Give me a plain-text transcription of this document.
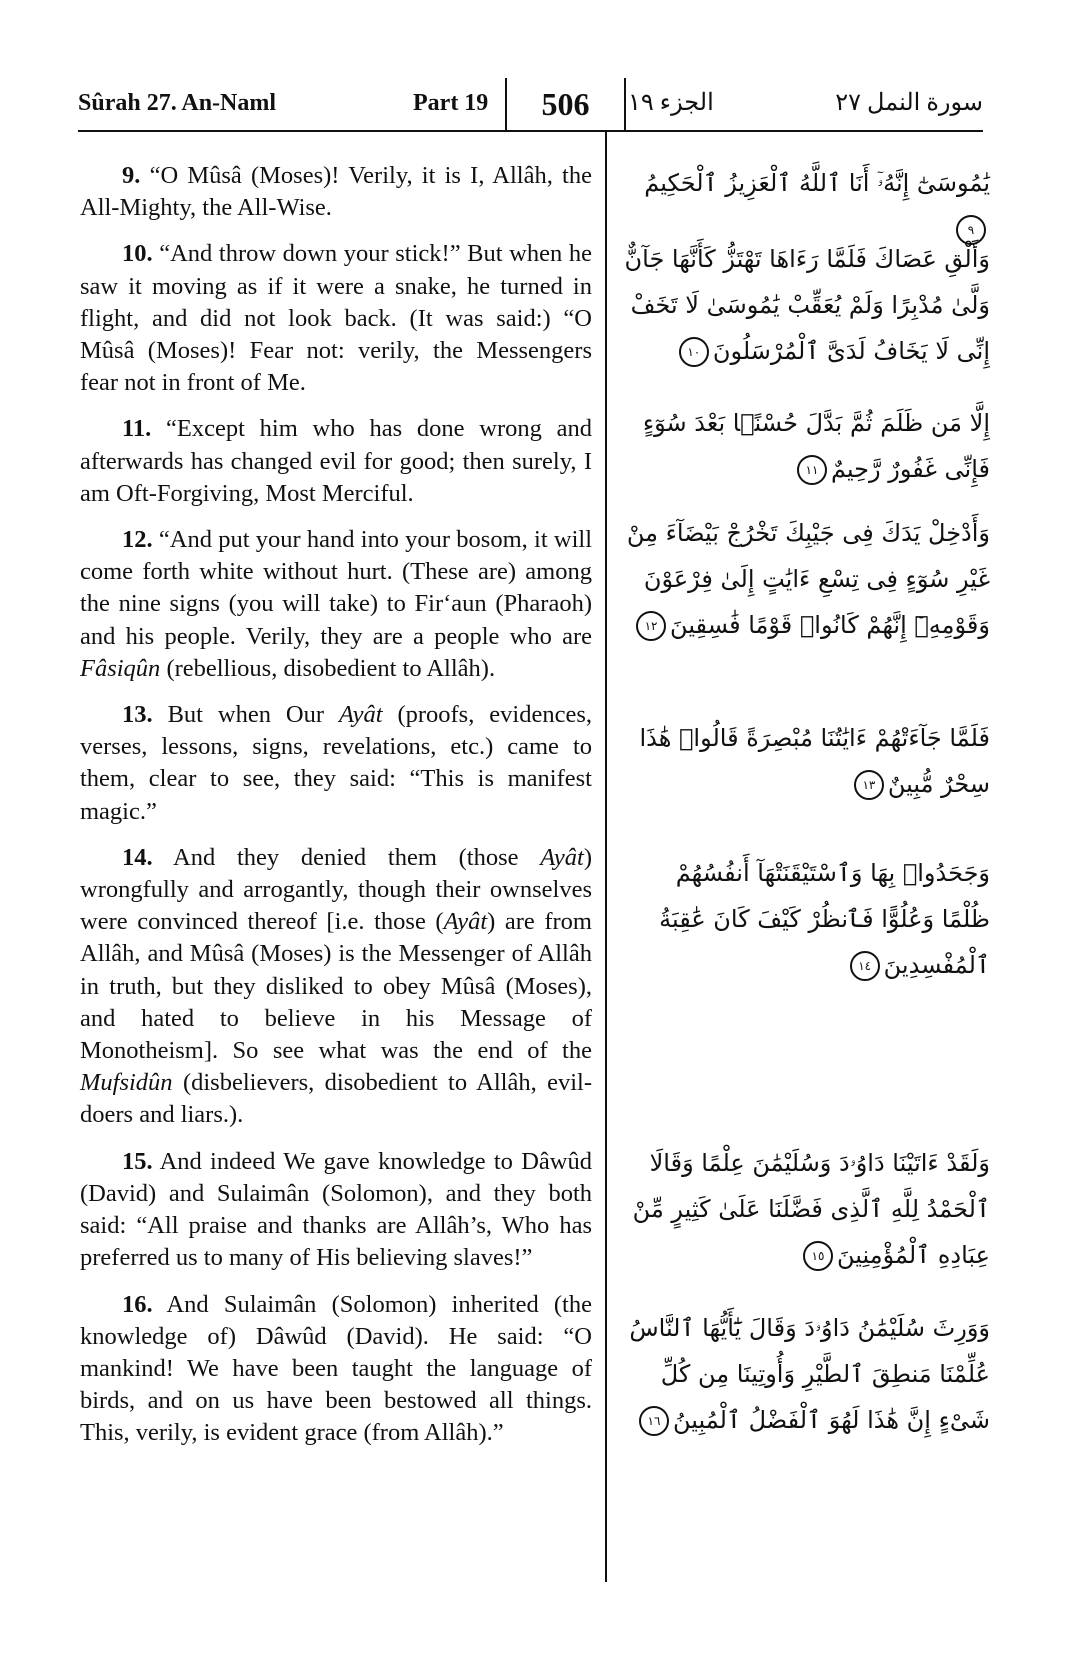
Sûrah 27. An-Naml	Part 19 506 الجزء ١٩	سورة النمل ٢٧

9. “O Mûsâ (Moses)! Verily, it is I, Allâh, the All-Mighty, the All-Wise.

10. “And throw down your stick!” But when he saw it moving as if it were a snake, he turned in flight, and did not look back. (It was said:) “O Mûsâ (Moses)! Fear not: verily, the Messengers fear not in front of Me.

11. “Except him who has done wrong and afterwards has changed evil for good; then surely, I am Oft-Forgiving, Most Merciful.

12. “And put your hand into your bosom, it will come forth white without hurt. (These are) among the nine signs (you will take) to Fir‘aun (Pharaoh) and his people. Verily, they are a people who are Fâsiqûn (rebellious, disobedient to Allâh).

13. But when Our Ayât (proofs, evidences, verses, lessons, signs, revelations, etc.) came to them, clear to see, they said: “This is manifest magic.”

14. And they denied them (those Ayât) wrongfully and arrogantly, though their ownselves were convinced thereof [i.e. those (Ayât) are from Allâh, and Mûsâ (Moses) is the Messenger of Allâh in truth, but they disliked to obey Mûsâ (Moses), and hated to believe in his Message of Monotheism]. So see what was the end of the Mufsidûn (disbelievers, disobedient to Allâh, evil-doers and liars.).

15. And indeed We gave knowledge to Dâwûd (David) and Sulaimân (Solomon), and they both said: “All praise and thanks are Allâh’s, Who has preferred us to many of His believing slaves!”

16. And Sulaimân (Solomon) inherited (the knowledge of) Dâwûd (David). He said: “O mankind! We have been taught the language of birds, and on us have been bestowed all things. This, verily, is evident grace (from Allâh).”

يَٰمُوسَىٰٓ إِنَّهُۥٓ أَنَا ٱللَّهُ ٱلْعَزِيزُ ٱلْحَكِيمُ٩
وَأَلْقِ عَصَاكَ فَلَمَّا رَءَاهَا تَهْتَزُّ كَأَنَّهَا جَآنٌّ وَلَّىٰ مُدْبِرًا وَلَمْ يُعَقِّبْ يَٰمُوسَىٰ لَا تَخَفْ إِنِّى لَا يَخَافُ لَدَىَّ ٱلْمُرْسَلُونَ١٠
إِلَّا مَن ظَلَمَ ثُمَّ بَدَّلَ حُسْنًۢا بَعْدَ سُوٓءٍ فَإِنِّى غَفُورٌ رَّحِيمٌ١١
وَأَدْخِلْ يَدَكَ فِى جَيْبِكَ تَخْرُجْ بَيْضَآءَ مِنْ غَيْرِ سُوٓءٍ فِى تِسْعِ ءَايَٰتٍ إِلَىٰ فِرْعَوْنَ وَقَوْمِهِۦٓ إِنَّهُمْ كَانُوا۟ قَوْمًا فَٰسِقِينَ١٢
فَلَمَّا جَآءَتْهُمْ ءَايَٰتُنَا مُبْصِرَةً قَالُوا۟ هَٰذَا سِحْرٌ مُّبِينٌ١٣
وَجَحَدُوا۟ بِهَا وَٱسْتَيْقَنَتْهَآ أَنفُسُهُمْ ظُلْمًا وَعُلُوًّا فَٱنظُرْ كَيْفَ كَانَ عَٰقِبَةُ ٱلْمُفْسِدِينَ١٤
وَلَقَدْ ءَاتَيْنَا دَاوُۥدَ وَسُلَيْمَٰنَ عِلْمًا وَقَالَا ٱلْحَمْدُ لِلَّهِ ٱلَّذِى فَضَّلَنَا عَلَىٰ كَثِيرٍ مِّنْ عِبَادِهِ ٱلْمُؤْمِنِينَ١٥
وَوَرِثَ سُلَيْمَٰنُ دَاوُۥدَ وَقَالَ يَٰٓأَيُّهَا ٱلنَّاسُ عُلِّمْنَا مَنطِقَ ٱلطَّيْرِ وَأُوتِينَا مِن كُلِّ شَىْءٍ إِنَّ هَٰذَا لَهُوَ ٱلْفَضْلُ ٱلْمُبِينُ١٦
